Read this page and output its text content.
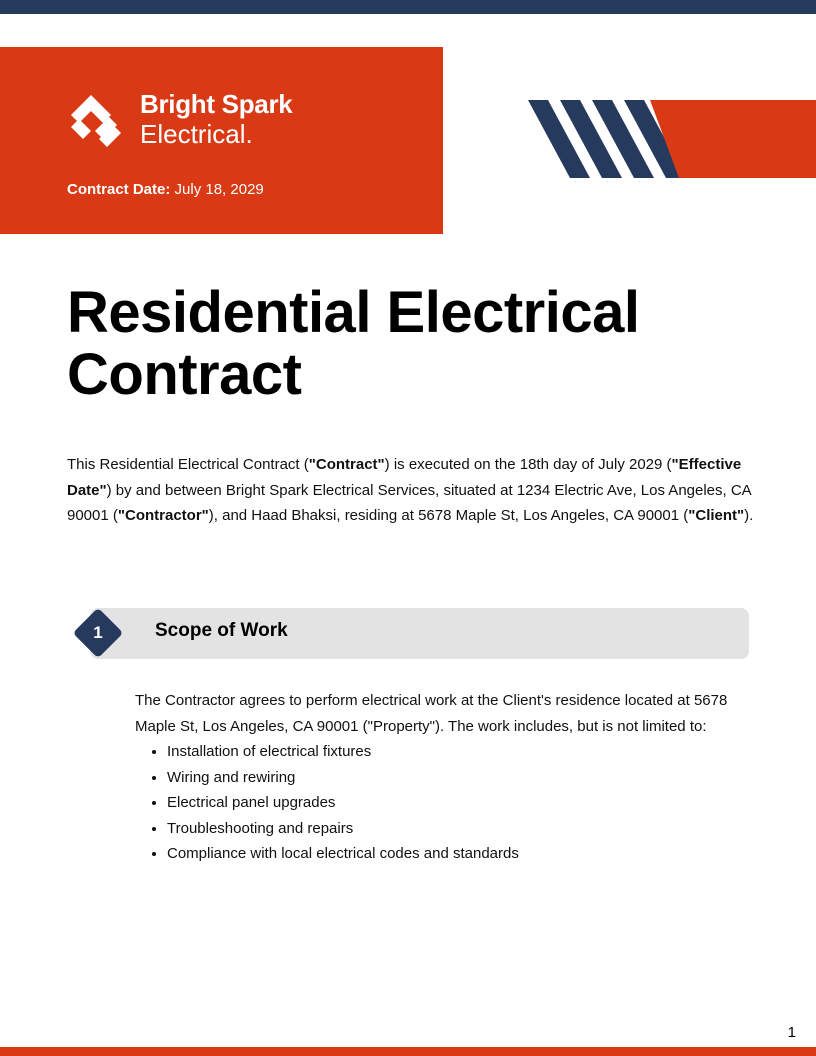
Bright Spark
Electrical.
Contract Date: July 18, 2029
Residential Electrical Contract
This Residential Electrical Contract ("Contract") is executed on the 18th day of July 2029 ("Effective Date") by and between Bright Spark Electrical Services, situated at 1234 Electric Ave, Los Angeles, CA 90001 ("Contractor"), and Haad Bhaksi, residing at 5678 Maple St, Los Angeles, CA 90001 ("Client").
1	Scope of Work

The Contractor agrees to perform electrical work at the Client's residence located at 5678 Maple St, Los Angeles, CA 90001 ("Property"). The work includes, but is not limited to:

• Installation of electrical fixtures
• Wiring and rewiring
• Electrical panel upgrades
• Troubleshooting and repairs
• Compliance with local electrical codes and standards
1
